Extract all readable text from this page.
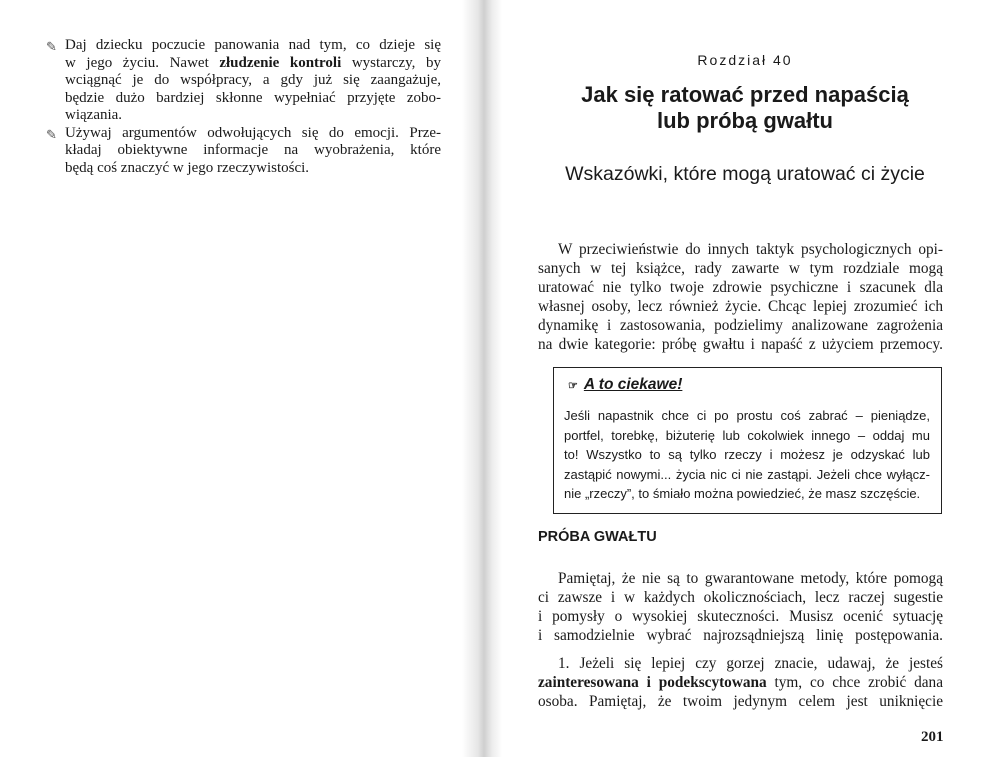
✎ Daj dziecku poczucie panowania nad tym, co dzieje się
w jego życiu. Nawet złudzenie kontroli wystarczy, by
wciągnąć je do współpracy, a gdy już się zaangażuje,
będzie dużo bardziej skłonne wypełniać przyjęte zobo-
wiązania.
✎ Używaj argumentów odwołujących się do emocji. Prze-
kładaj obiektywne informacje na wyobrażenia, które
będą coś znaczyć w jego rzeczywistości.
Rozdział 40
Jak się ratować przed napaścią
lub próbą gwałtu
Wskazówki, które mogą uratować ci życie
☞ A to ciekawe!
Jeśli napastnik chce ci po prostu coś zabrać – pieniądze,
portfel, torebkę, biżuterię lub cokolwiek innego – oddaj mu
to! Wszystko to są tylko rzeczy i możesz je odzyskać lub
zastąpić nowymi... życia nic ci nie zastąpi. Jeżeli chce wyłącz-
nie „rzeczy”, to śmiało można powiedzieć, że masz szczęście.
PRÓBA GWAŁTU
201
W przeciwieństwie do innych taktyk psychologicznych opi-
sanych w tej książce, rady zawarte w tym rozdziale mogą
uratować nie tylko twoje zdrowie psychiczne i szacunek dla
własnej osoby, lecz również życie. Chcąc lepiej zrozumieć ich
dynamikę i zastosowania, podzielimy analizowane zagrożenia
na dwie kategorie: próbę gwałtu i napaść z użyciem przemocy.
Pamiętaj, że nie są to gwarantowane metody, które pomogą
ci zawsze i w każdych okolicznościach, lecz raczej sugestie
i pomysły o wysokiej skuteczności. Musisz ocenić sytuację
i samodzielnie wybrać najrozsądniejszą linię postępowania.
1. Jeżeli się lepiej czy gorzej znacie, udawaj, że jesteś
zainteresowana i podekscytowana tym, co chce zrobić dana
osoba. Pamiętaj, że twoim jedynym celem jest uniknięcie
